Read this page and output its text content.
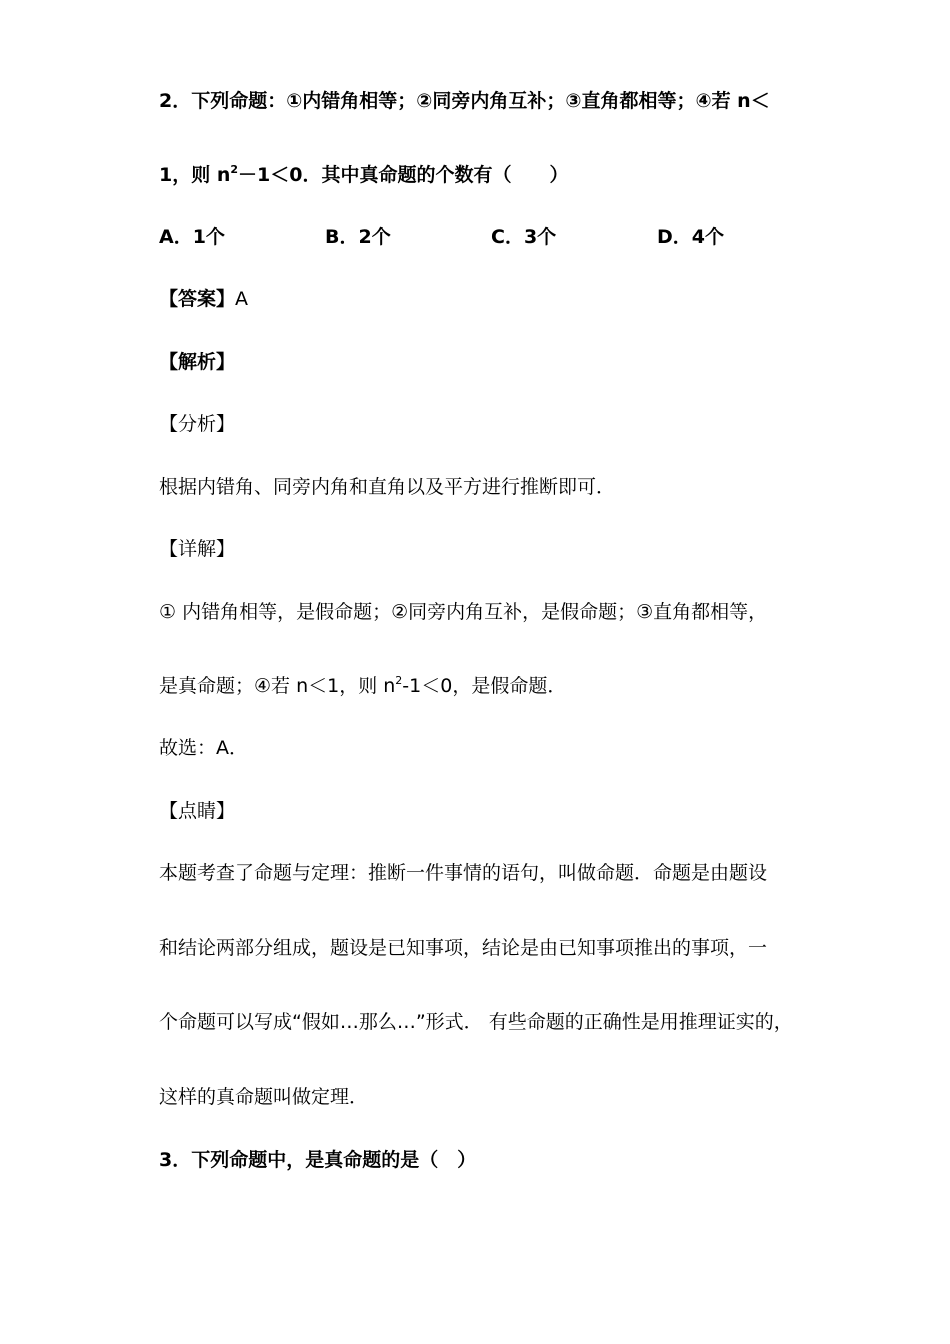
2．下列命题：①内错角相等；②同旁内角互补；③直角都相等；④若 n＜
1，则 $n^2-1<0$．其中真命题的个数有（　　）
A．1个	B．2个	C．3个	D．4个
【答案】A
【解析】
【分析】
根据内错角、同旁内角和直角以及平方进行推断即可．
【详解】
① 内错角相等，是假命题；②同旁内角互补，是假命题；③直角都相等，
是真命题；④若 n＜1，则 $n^2-1<0$，是假命题．
故选：A．
【点睛】
本题考查了命题与定理：推断一件事情的语句，叫做命题．命题是由题设
和结论两部分组成，题设是已知事项，结论是由已知事项推出的事项，一
个命题可以写成“假如…那么…”形式． 有些命题的正确性是用推理证实的，
这样的真命题叫做定理．
3．下列命题中，是真命题的是（　）
